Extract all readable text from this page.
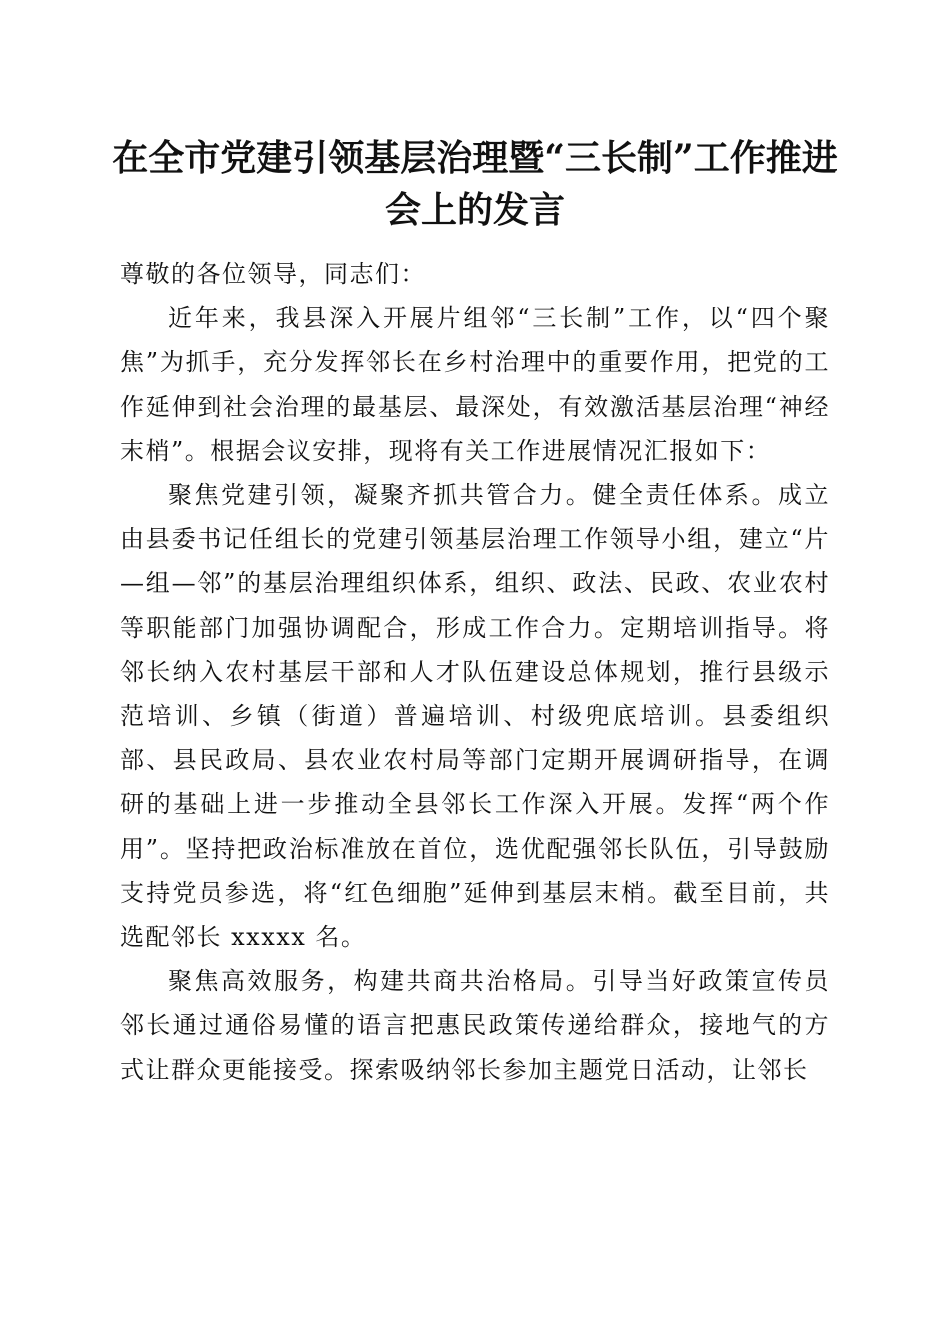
在全市党建引领基层治理暨“三长制”工作推进会上的发言

尊敬的各位领导，同志们：

近年来，我县深入开展片组邻“三长制”工作，以“四个聚焦”为抓手，充分发挥邻长在乡村治理中的重要作用，把党的工作延伸到社会治理的最基层、最深处，有效激活基层治理“神经末梢”。根据会议安排，现将有关工作进展情况汇报如下：

聚焦党建引领，凝聚齐抓共管合力。健全责任体系。成立由县委书记任组长的党建引领基层治理工作领导小组，建立“片—组—邻”的基层治理组织体系，组织、政法、民政、农业农村等职能部门加强协调配合，形成工作合力。定期培训指导。将邻长纳入农村基层干部和人才队伍建设总体规划，推行县级示范培训、乡镇（街道）普遍培训、村级兜底培训。县委组织部、县民政局、县农业农村局等部门定期开展调研指导，在调研的基础上进一步推动全县邻长工作深入开展。发挥“两个作用”。坚持把政治标准放在首位，选优配强邻长队伍，引导鼓励支持党员参选，将“红色细胞”延伸到基层末梢。截至目前，共选配邻长 xxxxx 名。

聚焦高效服务，构建共商共治格局。引导当好政策宣传员邻长通过通俗易懂的语言把惠民政策传递给群众，接地气的方式让群众更能接受。探索吸纳邻长参加主题党日活动，让邻长
